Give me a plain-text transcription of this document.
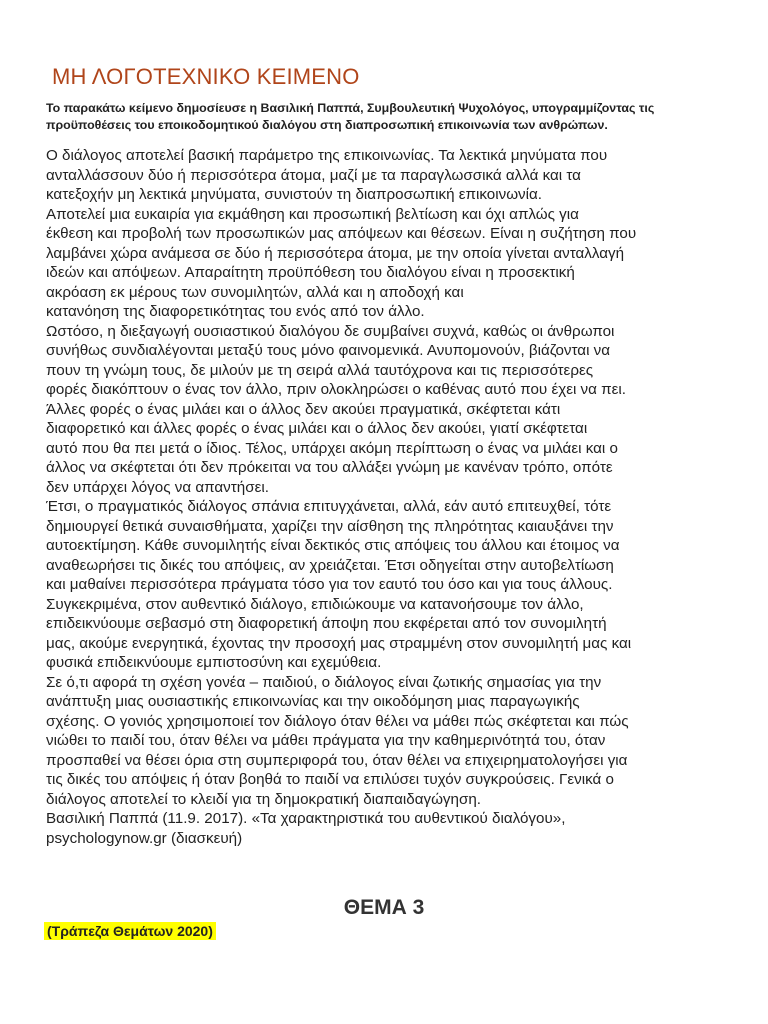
ΜΗ ΛΟΓΟΤΕΧΝΙΚΟ ΚΕΙΜΕΝΟ

Το παρακάτω κείμενο δημοσίευσε η Βασιλική Παππά, Συμβουλευτική Ψυχολόγος, υπογραμμίζοντας τις προϋποθέσεις του εποικοδομητικού διαλόγου στη διαπροσωπική επικοινωνία των ανθρώπων.

Ο διάλογος αποτελεί βασική παράμετρο της επικοινωνίας. Τα λεκτικά μηνύματα που
ανταλλάσσουν δύο ή περισσότερα άτομα, μαζί με τα παραγλωσσικά αλλά και τα
κατεξοχήν μη λεκτικά μηνύματα, συνιστούν τη διαπροσωπική επικοινωνία.
Αποτελεί μια ευκαιρία για εκμάθηση και προσωπική βελτίωση και όχι απλώς για
έκθεση και προβολή των προσωπικών μας απόψεων και θέσεων. Είναι η συζήτηση που
λαμβάνει χώρα ανάμεσα σε δύο ή περισσότερα άτομα, με την οποία γίνεται ανταλλαγή
ιδεών και απόψεων. Απαραίτητη προϋπόθεση του διαλόγου είναι η προσεκτική
ακρόαση εκ μέρους των συνομιλητών, αλλά και η αποδοχή και
κατανόηση της διαφορετικότητας του ενός από τον άλλο.
Ωστόσο, η διεξαγωγή ουσιαστικού διαλόγου δε συμβαίνει συχνά, καθώς οι άνθρωποι
συνήθως συνδιαλέγονται μεταξύ τους μόνο φαινομενικά. Ανυπομονούν, βιάζονται να
πουν τη γνώμη τους, δε μιλούν με τη σειρά αλλά ταυτόχρονα και τις περισσότερες
φορές διακόπτουν ο ένας τον άλλο, πριν ολοκληρώσει ο καθένας αυτό που έχει να πει.
Άλλες φορές ο ένας μιλάει και ο άλλος δεν ακούει πραγματικά, σκέφτεται κάτι
διαφορετικό και άλλες φορές ο ένας μιλάει και ο άλλος δεν ακούει, γιατί σκέφτεται
αυτό που θα πει μετά ο ίδιος. Τέλος, υπάρχει ακόμη περίπτωση ο ένας να μιλάει και ο
άλλος να σκέφτεται ότι δεν πρόκειται να του αλλάξει γνώμη με κανέναν τρόπο, οπότε
δεν υπάρχει λόγος να απαντήσει.
Έτσι, ο πραγματικός διάλογος σπάνια επιτυγχάνεται, αλλά, εάν αυτό επιτευχθεί, τότε
δημιουργεί θετικά συναισθήματα, χαρίζει την αίσθηση της πληρότητας καιαυξάνει την
αυτοεκτίμηση. Κάθε συνομιλητής είναι δεκτικός στις απόψεις του άλλου και έτοιμος να
αναθεωρήσει τις δικές του απόψεις, αν χρειάζεται. Έτσι οδηγείται στην αυτοβελτίωση
και μαθαίνει περισσότερα πράγματα τόσο για τον εαυτό του όσο και για τους άλλους.
Συγκεκριμένα, στον αυθεντικό διάλογο, επιδιώκουμε να κατανοήσουμε τον άλλο,
επιδεικνύουμε σεβασμό στη διαφορετική άποψη που εκφέρεται από τον συνομιλητή
μας, ακούμε ενεργητικά, έχοντας την προσοχή μας στραμμένη στον συνομιλητή μας και
φυσικά επιδεικνύουμε εμπιστοσύνη και εχεμύθεια.
Σε ό,τι αφορά τη σχέση γονέα – παιδιού, ο διάλογος είναι ζωτικής σημασίας για την
ανάπτυξη μιας ουσιαστικής επικοινωνίας και την οικοδόμηση μιας παραγωγικής
σχέσης. Ο γονιός χρησιμοποιεί τον διάλογο όταν θέλει να μάθει πώς σκέφτεται και πώς
νιώθει το παιδί του, όταν θέλει να μάθει πράγματα για την καθημερινότητά του, όταν
προσπαθεί να θέσει όρια στη συμπεριφορά του, όταν θέλει να επιχειρηματολογήσει για
τις δικές του απόψεις ή όταν βοηθά το παιδί να επιλύσει τυχόν συγκρούσεις. Γενικά ο
διάλογος αποτελεί το κλειδί για τη δημοκρατική διαπαιδαγώγηση.
Βασιλική Παππά (11.9. 2017). «Τα χαρακτηριστικά του αυθεντικού διαλόγου»,
psychologynow.gr (διασκευή)
ΘΕΜΑ 3

(Τράπεζα Θεμάτων 2020)
